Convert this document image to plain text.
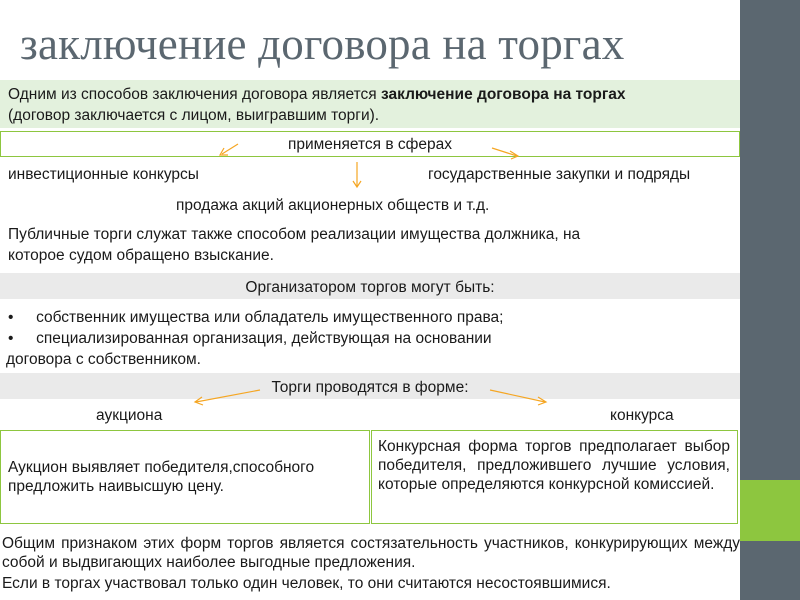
заключение договора на торгах
Одним из способов заключения договора является заключение договора на торгах
(договор заключается с лицом, выигравшим торги).
применяется в сферах
инвестиционные конкурсы	государственные закупки и подряды
продажа акций акционерных обществ и т.д.
Публичные торги служат также способом реализации имущества должника, на
которое судом обращено взыскание.
Организатором торгов могут быть:
• собственник имущества или обладатель имущественного права;
• специализированная организация, действующая на основании
договора с собственником.
Торги проводятся в форме:
аукциона	конкурса
Аукцион выявляет победителя,способного предложить наивысшую цену.
Конкурсная форма торгов предполагает выбор победителя, предложившего лучшие условия, которые определяются конкурсной комиссией.
Общим признаком этих форм торгов является состязательность участников, конкурирующих между собой и выдвигающих наиболее выгодные предложения.
Если в торгах участвовал только один человек, то они считаются несостоявшимися.
